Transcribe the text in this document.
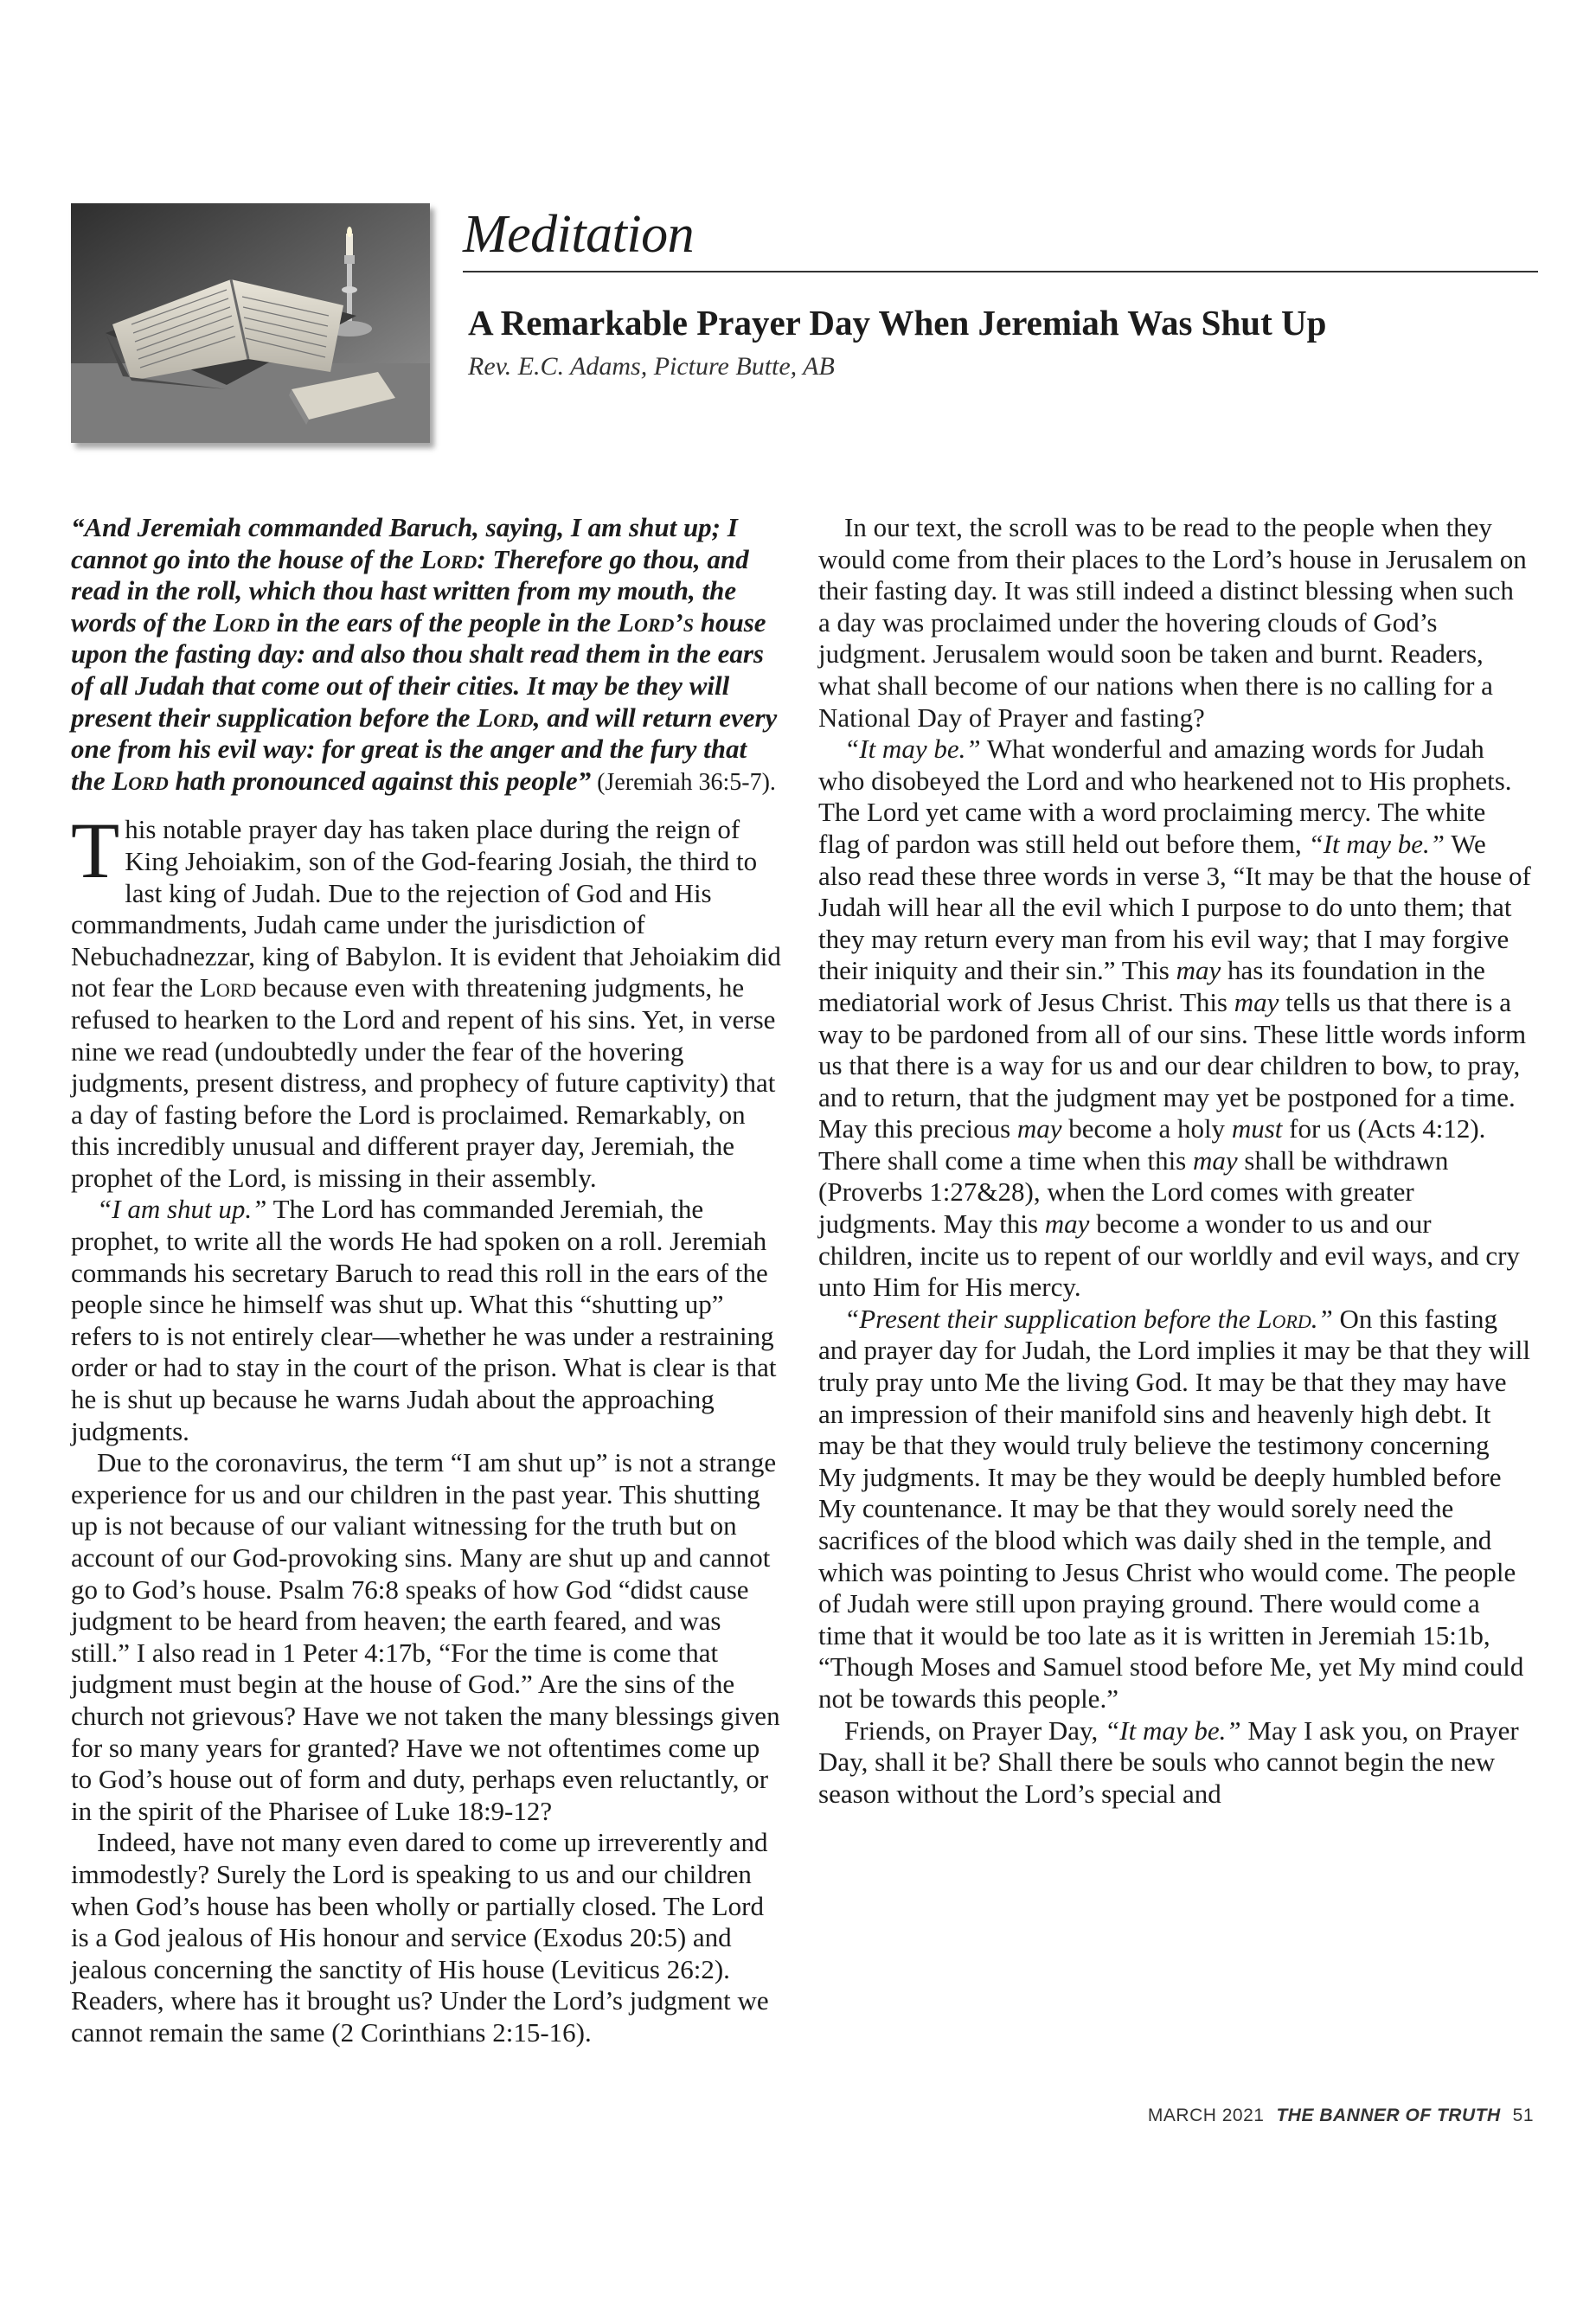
Meditation
A Remarkable Prayer Day When Jeremiah Was Shut Up

Rev. E.C. Adams, Picture Butte, AB

“And Jeremiah commanded Baruch, saying, I am shut up; I cannot go into the house of the Lord: Therefore go thou, and read in the roll, which thou hast written from my mouth, the words of the Lord in the ears of the people in the Lord’s house upon the fasting day: and also thou shalt read them in the ears of all Judah that come out of their cities. It may be they will present their supplication before the Lord, and will return every one from his evil way: for great is the anger and the fury that the Lord hath pronounced against this people” (Jeremiah 36:5-7).

This notable prayer day has taken place during the reign of King Jehoiakim, son of the God-fearing Josiah, the third to last king of Judah. Due to the rejection of God and His commandments, Judah came under the jurisdiction of Nebuchadnezzar, king of Babylon. It is evident that Jehoiakim did not fear the Lord because even with threatening judgments, he refused to hearken to the Lord and repent of his sins. Yet, in verse nine we read (undoubtedly under the fear of the hovering judgments, present distress, and prophecy of future captivity) that a day of fasting before the Lord is proclaimed. Remarkably, on this incredibly unusual and different prayer day, Jeremiah, the prophet of the Lord, is missing in their assembly.

“I am shut up.” The Lord has commanded Jeremiah, the prophet, to write all the words He had spoken on a roll. Jeremiah commands his secretary Baruch to read this roll in the ears of the people since he himself was shut up. What this “shutting up” refers to is not entirely clear—whether he was under a restraining order or had to stay in the court of the prison. What is clear is that he is shut up because he warns Judah about the approaching judgments.

Due to the coronavirus, the term “I am shut up” is not a strange experience for us and our children in the past year. This shutting up is not because of our valiant witnessing for the truth but on account of our God-provoking sins. Many are shut up and cannot go to God’s house. Psalm 76:8 speaks of how God “didst cause judgment to be heard from heaven; the earth feared, and was still.” I also read in 1 Peter 4:17b, “For the time is come that judgment must begin at the house of God.” Are the sins of the church not grievous? Have we not taken the many blessings given for so many years for granted? Have we not oftentimes come up to God’s house out of form and duty, perhaps even reluctantly, or in the spirit of the Pharisee of Luke 18:9-12?

Indeed, have not many even dared to come up irreverently and immodestly? Surely the Lord is speaking to us and our children when God’s house has been wholly or partially closed. The Lord is a God jealous of His honour and service (Exodus 20:5) and jealous concerning the sanctity of His house (Leviticus 26:2). Readers, where has it brought us? Under the Lord’s judgment we cannot remain the same (2 Corinthians 2:15-16).

In our text, the scroll was to be read to the people when they would come from their places to the Lord’s house in Jerusalem on their fasting day. It was still indeed a distinct blessing when such a day was proclaimed under the hovering clouds of God’s judgment. Jerusalem would soon be taken and burnt. Readers, what shall become of our nations when there is no calling for a National Day of Prayer and fasting?

“It may be.” What wonderful and amazing words for Judah who disobeyed the Lord and who hearkened not to His prophets. The Lord yet came with a word proclaiming mercy. The white flag of pardon was still held out before them, “It may be.” We also read these three words in verse 3, “It may be that the house of Judah will hear all the evil which I purpose to do unto them; that they may return every man from his evil way; that I may forgive their iniquity and their sin.” This may has its foundation in the mediatorial work of Jesus Christ. This may tells us that there is a way to be pardoned from all of our sins. These little words inform us that there is a way for us and our dear children to bow, to pray, and to return, that the judgment may yet be postponed for a time. May this precious may become a holy must for us (Acts 4:12). There shall come a time when this may shall be withdrawn (Proverbs 1:27&28), when the Lord comes with greater judgments. May this may become a wonder to us and our children, incite us to repent of our worldly and evil ways, and cry unto Him for His mercy.

“Present their supplication before the Lord.” On this fasting and prayer day for Judah, the Lord implies it may be that they will truly pray unto Me the living God. It may be that they may have an impression of their manifold sins and heavenly high debt. It may be that they would truly believe the testimony concerning My judgments. It may be they would be deeply humbled before My countenance. It may be that they would sorely need the sacrifices of the blood which was daily shed in the temple, and which was pointing to Jesus Christ who would come. The people of Judah were still upon praying ground. There would come a time that it would be too late as it is written in Jeremiah 15:1b, “Though Moses and Samuel stood before Me, yet My mind could not be towards this people.”

Friends, on Prayer Day, “It may be.” May I ask you, on Prayer Day, shall it be? Shall there be souls who cannot begin the new season without the Lord’s special and

MARCH 2021 THE BANNER OF TRUTH 51
